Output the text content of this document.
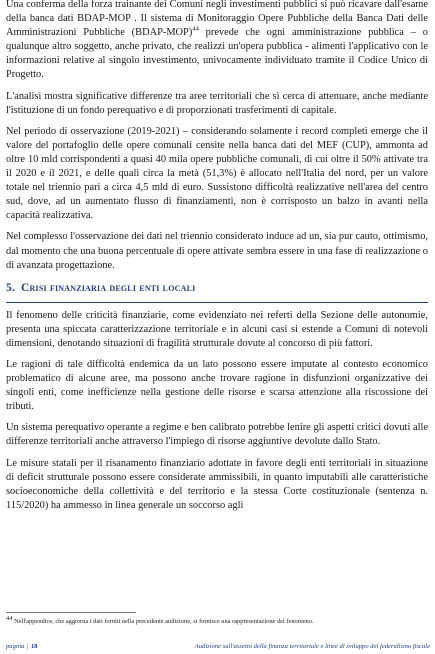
Una conferma della forza trainante dei Comuni negli investimenti pubblici si può ricavare dall'esame della banca dati BDAP-MOP . Il sistema di Monitoraggio Opere Pubbliche della Banca Dati delle Amministrazioni Pubbliche (BDAP-MOP)$^{44}$ prevede che ogni amministrazione pubblica – o qualunque altro soggetto, anche privato, che realizzi un'opera pubblica - alimenti l'applicativo con le informazioni relative al singolo investimento, univocamente individuato tramite il Codice Unico di Progetto.

L'analisi mostra significative differenze tra aree territoriali che si cerca di attenuare, anche mediante l'istituzione di un fondo perequativo e di proporzionati trasferimenti di capitale.

Nel periodo di osservazione (2019-2021) – considerando solamente i record completi emerge che il valore del portafoglio delle opere comunali censite nella banca dati del MEF (CUP), ammonta ad oltre 10 mld corrispondenti a quasi 40 mila opere pubbliche comunali, di cui oltre il 50% attivate tra il 2020 e il 2021, e delle quali circa la metà (51,3%) è allocato nell'Italia del nord, per un valore totale nel triennio pari a circa 4,5 mld di euro. Sussistono difficoltà realizzative nell'area del centro sud, dove, ad un aumentato flusso di finanziamenti, non è corrisposto un balzo in avanti nella capacità realizzativa.

Nel complesso l'osservazione dei dati nel triennio considerato induce ad un, sia pur cauto, ottimismo, dal momento che una buona percentuale di opere attivate sembra essere in una fase di realizzazione o di avanzata progettazione.

5. Crisi finanziaria degli enti locali

Il fenomeno delle criticità finanziarie, come evidenziato nei referti della Sezione delle autonomie, presenta una spiccata caratterizzazione territoriale e in alcuni casi si estende a Comuni di notevoli dimensioni, denotando situazioni di fragilità strutturale dovute al concorso di più fattori.

Le ragioni di tale difficoltà endemica da un lato possono essere imputate al contesto economico problematico di alcune aree, ma possono anche trovare ragione in disfunzioni organizzative dei singoli enti, come inefficienze nella gestione delle risorse e scarsa attenzione alla riscossione dei tributi.

Un sistema perequativo operante a regime e ben calibrato potrebbe lenire gli aspetti critici dovuti alle differenze territoriali anche attraverso l'impiego di risorse aggiuntive devolute dallo Stato.

Le misure statali per il risanamento finanziario adottate in favore degli enti territoriali in situazione di deficit strutturale possono essere considerate ammissibili, in quanto imputabili alle caratteristiche socioeconomiche della collettività e del territorio e la stessa Corte costituzionale (sentenza n. 115/2020) ha ammesso in linea generale un soccorso agli

$^{44}$ Nell'appendice, che aggiorna i dati forniti nella precedente audizione, si fornisce una rappresentazione del fenomeno.
pagina | 18	Audizione sull'assetto della finanza territoriale e linee di sviluppo del federalismo fiscale
